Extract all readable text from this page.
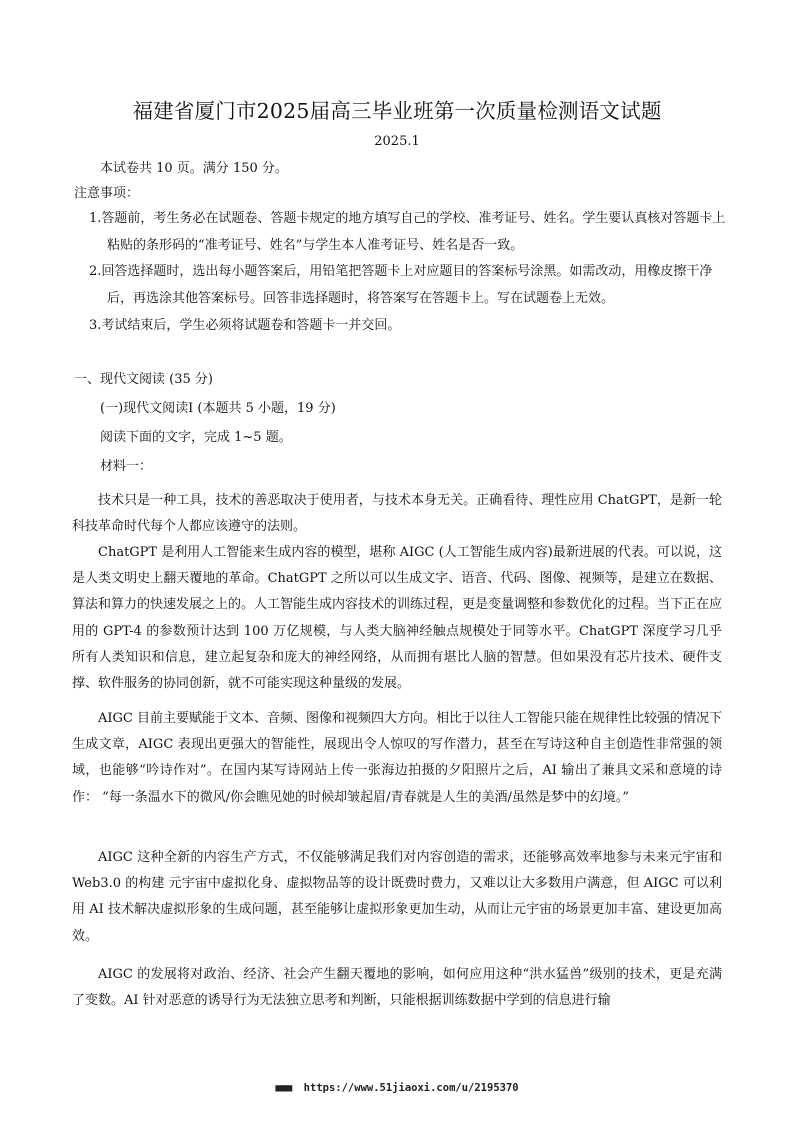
福建省厦门市2025届高三毕业班第一次质量检测语文试题
2025.1
本试卷共 10 页。满分 150 分。
注意事项：
1.答题前，考生务必在试题卷、答题卡规定的地方填写自己的学校、准考证号、姓名。学生要认真核对答题卡上粘贴的条形码的“准考证号、姓名”与学生本人准考证号、姓名是否一致。
2.回答选择题时，选出每小题答案后，用铅笔把答题卡上对应题目的答案标号涂黑。如需改动，用橡皮擦干净后，再选涂其他答案标号。回答非选择题时，将答案写在答题卡上。写在试题卷上无效。
3.考试结束后，学生必须将试题卷和答题卡一并交回。
一、现代文阅读 (35 分)
(一)现代文阅读Ⅰ (本题共 5 小题，19 分)
阅读下面的文字，完成 1~5 题。
材料一：
技术只是一种工具，技术的善恶取决于使用者，与技术本身无关。正确看待、理性应用 ChatGPT，是新一轮科技革命时代每个人都应该遵守的法则。
ChatGPT 是利用人工智能来生成内容的模型，堪称 AIGC (人工智能生成内容)最新进展的代表。可以说，这是人类文明史上翻天覆地的革命。ChatGPT 之所以可以生成文字、语音、代码、图像、视频等，是建立在数据、算法和算力的快速发展之上的。人工智能生成内容技术的训练过程，更是变量调整和参数优化的过程。当下正在应用的 GPT-4 的参数预计达到 100 万亿规模，与人类大脑神经触点规模处于同等水平。ChatGPT 深度学习几乎所有人类知识和信息，建立起复杂和庞大的神经网络，从而拥有堪比人脑的智慧。但如果没有芯片技术、硬件支撑、软件服务的协同创新，就不可能实现这种量级的发展。
AIGC 目前主要赋能于文本、音频、图像和视频四大方向。相比于以往人工智能只能在规律性比较强的情况下生成文章，AIGC 表现出更强大的智能性，展现出令人惊叹的写作潜力，甚至在写诗这种自主创造性非常强的领域，也能够“吟诗作对”。在国内某写诗网站上传一张海边拍摄的夕阳照片之后，AI 输出了兼具文采和意境的诗作： “每一条温水下的微风/你会瞧见她的时候却皱起眉/青春就是人生的美酒/虽然是梦中的幻境。”
AIGC 这种全新的内容生产方式，不仅能够满足我们对内容创造的需求，还能够高效率地参与未来元宇宙和 Web3.0 的构建 元宇宙中虚拟化身、虚拟物品等的设计既费时费力，又难以让大多数用户满意，但 AIGC 可以利用 AI 技术解决虚拟形象的生成问题，甚至能够让虚拟形象更加生动，从而让元宇宙的场景更加丰富、建设更加高效。
AIGC 的发展将对政治、经济、社会产生翻天覆地的影响，如何应用这种“洪水猛兽”级别的技术，更是充满了变数。AI 针对恶意的诱导行为无法独立思考和判断，只能根据训练数据中学到的信息进行输
■■■ https://www.51jiaoxi.com/u/2195370
